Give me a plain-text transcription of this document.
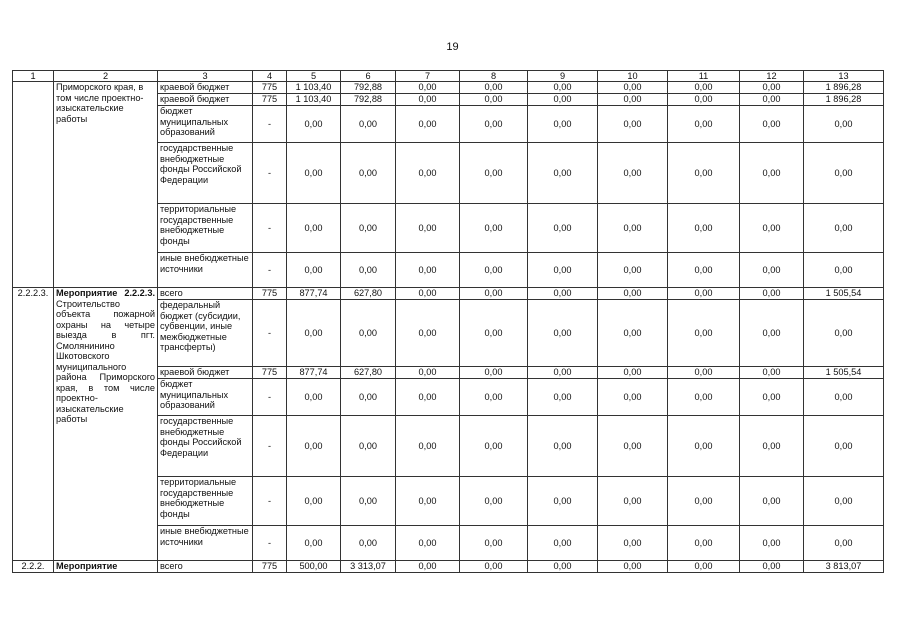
19
1	2	3	4	5	6	7	8	9	10	11	12	13
	Приморского края, в том числе проектно-изыскательские работы	краевой бюджет	775	1 103,40	792,88	0,00	0,00	0,00	0,00	0,00	0,00	1 896,28
		краевой бюджет	775	1 103,40	792,88	0,00	0,00	0,00	0,00	0,00	0,00	1 896,28
		бюджет муниципальных образований	-	0,00	0,00	0,00	0,00	0,00	0,00	0,00	0,00	0,00
		государственные внебюджетные фонды Российской Федерации	-	0,00	0,00	0,00	0,00	0,00	0,00	0,00	0,00	0,00
		территориальные государственные внебюджетные фонды	-	0,00	0,00	0,00	0,00	0,00	0,00	0,00	0,00	0,00
		иные внебюджетные источники	-	0,00	0,00	0,00	0,00	0,00	0,00	0,00	0,00	0,00
2.2.2.3.	Мероприятие 2.2.2.3. Строительство объекта пожарной охраны на четыре выезда в пгт. Смолянинино Шкотовского муниципального района Приморского края, в том числе проектно-изыскательские работы	всего	775	877,74	627,80	0,00	0,00	0,00	0,00	0,00	0,00	1 505,54
		федеральный бюджет (субсидии, субвенции, иные межбюджетные трансферты)	-	0,00	0,00	0,00	0,00	0,00	0,00	0,00	0,00	0,00
		краевой бюджет	775	877,74	627,80	0,00	0,00	0,00	0,00	0,00	0,00	1 505,54
		бюджет муниципальных образований	-	0,00	0,00	0,00	0,00	0,00	0,00	0,00	0,00	0,00
		государственные внебюджетные фонды Российской Федерации	-	0,00	0,00	0,00	0,00	0,00	0,00	0,00	0,00	0,00
		территориальные государственные внебюджетные фонды	-	0,00	0,00	0,00	0,00	0,00	0,00	0,00	0,00	0,00
		иные внебюджетные источники	-	0,00	0,00	0,00	0,00	0,00	0,00	0,00	0,00	0,00
2.2.2.	Мероприятие	всего	775	500,00	3 313,07	0,00	0,00	0,00	0,00	0,00	0,00	3 813,07
